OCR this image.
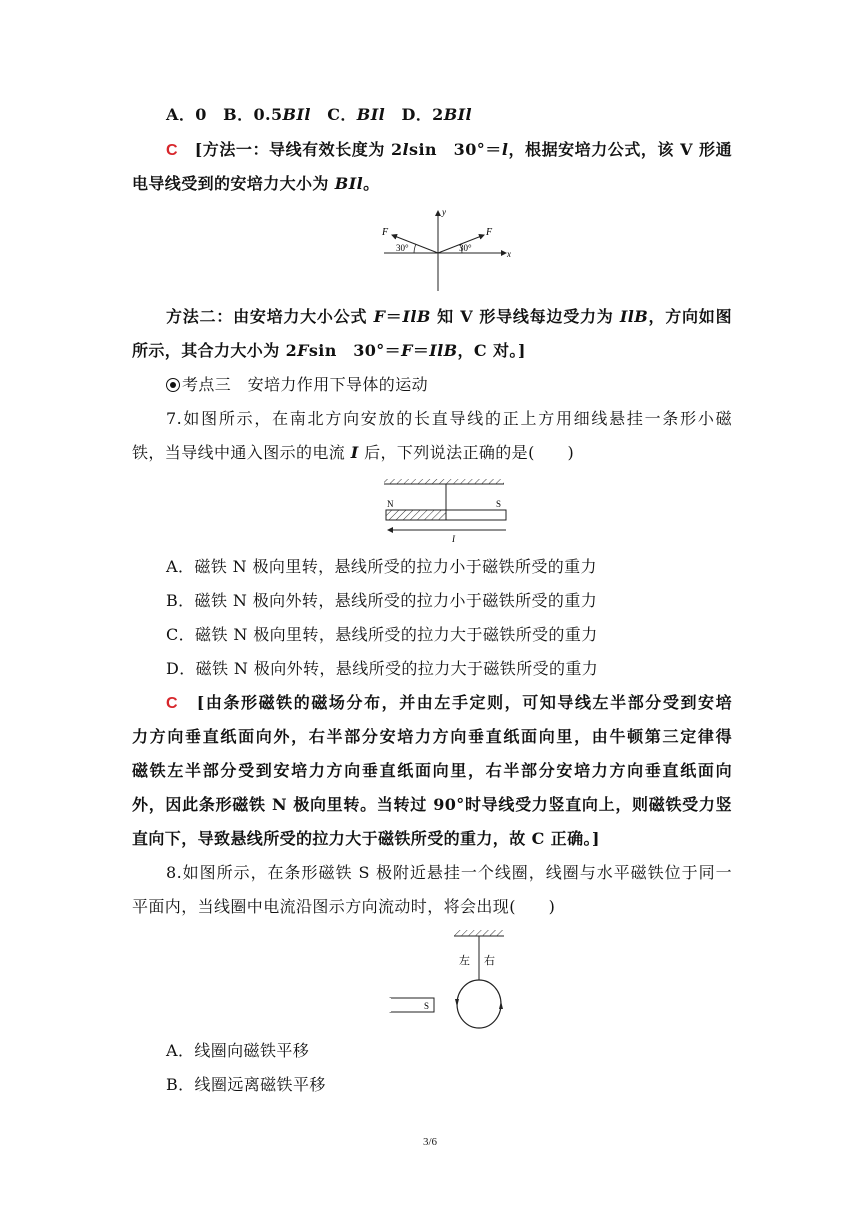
A．0　 B．0.5BIl　 C．BIl　 D．2BIl
C　 [方法一：导线有效长度为 2lsin　30°＝l，根据安培力公式，该 V 形通
电导线受到的安培力大小为 BIl。
F	F
y
x
30°	30°
方法二：由安培力大小公式 F＝IlB 知 V 形导线每边受力为 IlB，方向如图
所示，其合力大小为 2Fsin　30°＝F＝IlB，C 对。]
考点三　安培力作用下导体的运动
7.如图所示，在南北方向安放的长直导线的正上方用细线悬挂一条形小磁
铁，当导线中通入图示的电流 I 后，下列说法正确的是(　　)
N	S
I
A．磁铁 N 极向里转，悬线所受的拉力小于磁铁所受的重力
B．磁铁 N 极向外转，悬线所受的拉力小于磁铁所受的重力
C．磁铁 N 极向里转，悬线所受的拉力大于磁铁所受的重力
D．磁铁 N 极向外转，悬线所受的拉力大于磁铁所受的重力
C　 [由条形磁铁的磁场分布，并由左手定则，可知导线左半部分受到安培
力方向垂直纸面向外，右半部分安培力方向垂直纸面向里，由牛顿第三定律得
磁铁左半部分受到安培力方向垂直纸面向里，右半部分安培力方向垂直纸面向
外，因此条形磁铁 N 极向里转。当转过 90°时导线受力竖直向上，则磁铁受力竖
直向下，导致悬线所受的拉力大于磁铁所受的重力，故 C 正确。]
8.如图所示，在条形磁铁 S 极附近悬挂一个线圈，线圈与水平磁铁位于同一
平面内，当线圈中电流沿图示方向流动时，将会出现(　　)
左 右
S
A．线圈向磁铁平移
B．线圈远离磁铁平移
3/6
